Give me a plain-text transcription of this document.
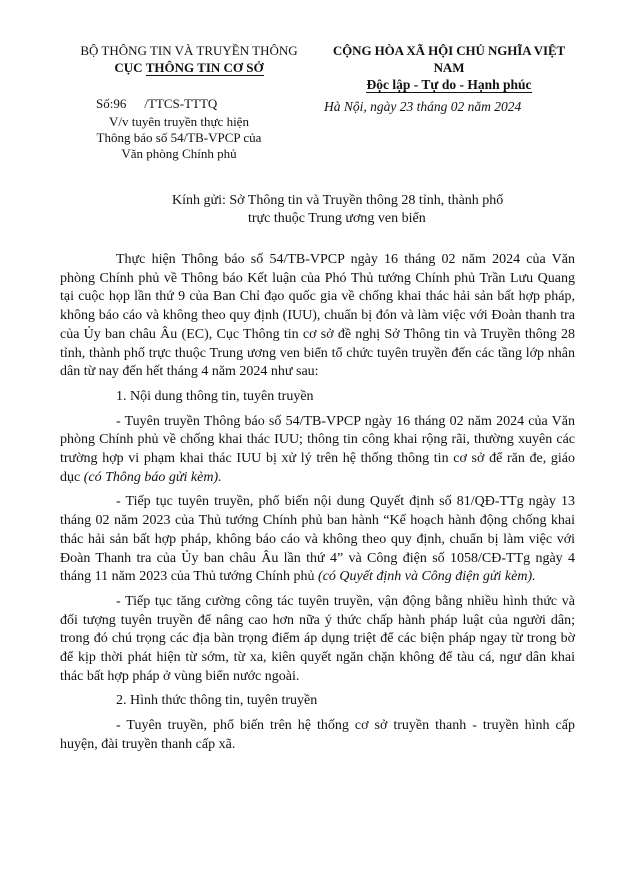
BỘ THÔNG TIN VÀ TRUYỀN THÔNG
CỤC THÔNG TIN CƠ SỞ
CỘNG HÒA XÃ HỘI CHỦ NGHĨA VIỆT NAM
Độc lập - Tự do - Hạnh phúc
Số:96 /TTCS-TTTQ
V/v tuyên truyền thực hiện
Thông báo số 54/TB-VPCP của
Văn phòng Chính phủ
Hà Nội, ngày 23 tháng 02 năm 2024
Kính gửi: Sở Thông tin và Truyền thông 28 tỉnh, thành phố
trực thuộc Trung ương ven biển

Thực hiện Thông báo số 54/TB-VPCP ngày 16 tháng 02 năm 2024 của Văn phòng Chính phủ về Thông báo Kết luận của Phó Thủ tướng Chính phủ Trần Lưu Quang tại cuộc họp lần thứ 9 của Ban Chỉ đạo quốc gia về chống khai thác hải sản bất hợp pháp, không báo cáo và không theo quy định (IUU), chuẩn bị đón và làm việc với Đoàn thanh tra của Ủy ban châu Âu (EC), Cục Thông tin cơ sở đề nghị Sở Thông tin và Truyền thông 28 tỉnh, thành phố trực thuộc Trung ương ven biển tổ chức tuyên truyền đến các tầng lớp nhân dân từ nay đến hết tháng 4 năm 2024 như sau:

1. Nội dung thông tin, tuyên truyền

- Tuyên truyền Thông báo số 54/TB-VPCP ngày 16 tháng 02 năm 2024 của Văn phòng Chính phủ về chống khai thác IUU; thông tin công khai rộng rãi, thường xuyên các trường hợp vi phạm khai thác IUU bị xử lý trên hệ thống thông tin cơ sở để răn đe, giáo dục (có Thông báo gửi kèm).

- Tiếp tục tuyên truyền, phổ biến nội dung Quyết định số 81/QĐ-TTg ngày 13 tháng 02 năm 2023 của Thủ tướng Chính phủ ban hành “Kế hoạch hành động chống khai thác hải sản bất hợp pháp, không báo cáo và không theo quy định, chuẩn bị làm việc với Đoàn Thanh tra của Ủy ban châu Âu lần thứ 4” và Công điện số 1058/CĐ-TTg ngày 4 tháng 11 năm 2023 của Thủ tướng Chính phủ (có Quyết định và Công điện gửi kèm).

- Tiếp tục tăng cường công tác tuyên truyền, vận động bằng nhiều hình thức và đối tượng tuyên truyền để nâng cao hơn nữa ý thức chấp hành pháp luật của người dân; trong đó chú trọng các địa bàn trọng điểm áp dụng triệt để các biện pháp ngay từ trong bờ để kịp thời phát hiện từ sớm, từ xa, kiên quyết ngăn chặn không để tàu cá, ngư dân khai thác bất hợp pháp ở vùng biển nước ngoài.

2. Hình thức thông tin, tuyên truyền

- Tuyên truyền, phổ biến trên hệ thống cơ sở truyền thanh - truyền hình cấp huyện, đài truyền thanh cấp xã.
